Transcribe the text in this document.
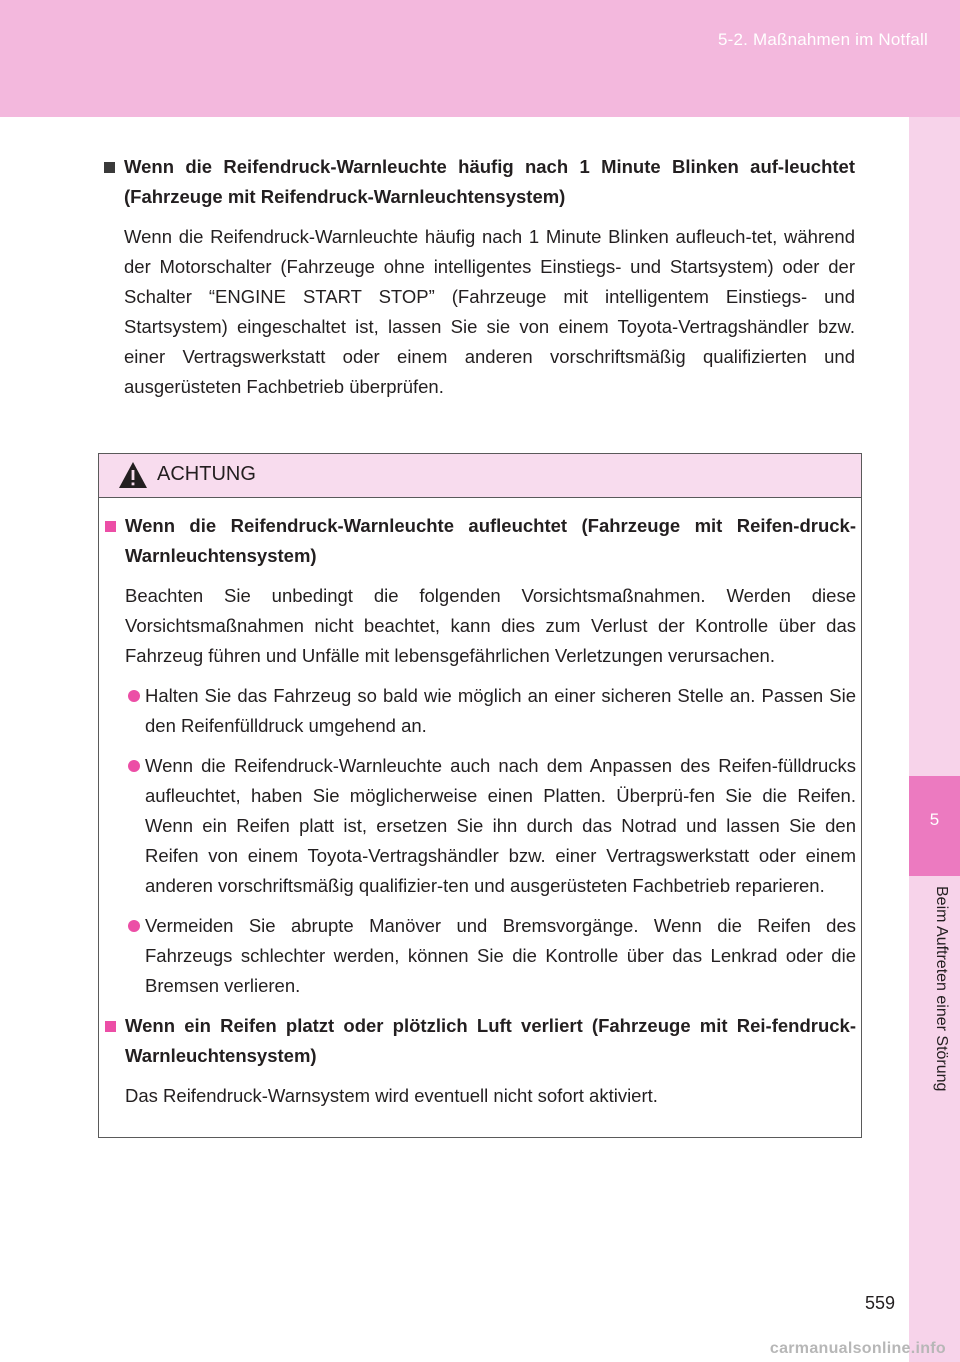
5-2. Maßnahmen im Notfall
5
Beim Auftreten einer Störung
Wenn die Reifendruck-Warnleuchte häufig nach 1 Minute Blinken auf-leuchtet (Fahrzeuge mit Reifendruck-Warnleuchtensystem)
Wenn die Reifendruck-Warnleuchte häufig nach 1 Minute Blinken aufleuch-tet, während der Motorschalter (Fahrzeuge ohne intelligentes Einstiegs- und Startsystem) oder der Schalter “ENGINE START STOP” (Fahrzeuge mit intelligentem Einstiegs- und Startsystem) eingeschaltet ist, lassen Sie sie von einem Toyota-Vertragshändler bzw. einer Vertragswerkstatt oder einem anderen vorschriftsmäßig qualifizierten und ausgerüsteten Fachbetrieb überprüfen.
ACHTUNG
Wenn die Reifendruck-Warnleuchte aufleuchtet (Fahrzeuge mit Reifen-druck-Warnleuchtensystem)
Beachten Sie unbedingt die folgenden Vorsichtsmaßnahmen. Werden diese Vorsichtsmaßnahmen nicht beachtet, kann dies zum Verlust der Kontrolle über das Fahrzeug führen und Unfälle mit lebensgefährlichen Verletzungen verursachen.
Halten Sie das Fahrzeug so bald wie möglich an einer sicheren Stelle an. Passen Sie den Reifenfülldruck umgehend an.
Wenn die Reifendruck-Warnleuchte auch nach dem Anpassen des Reifen-fülldrucks aufleuchtet, haben Sie möglicherweise einen Platten. Überprü-fen Sie die Reifen. Wenn ein Reifen platt ist, ersetzen Sie ihn durch das Notrad und lassen Sie den Reifen von einem Toyota-Vertragshändler bzw. einer Vertragswerkstatt oder einem anderen vorschriftsmäßig qualifizier-ten und ausgerüsteten Fachbetrieb reparieren.
Vermeiden Sie abrupte Manöver und Bremsvorgänge. Wenn die Reifen des Fahrzeugs schlechter werden, können Sie die Kontrolle über das Lenkrad oder die Bremsen verlieren.
Wenn ein Reifen platzt oder plötzlich Luft verliert (Fahrzeuge mit Rei-fendruck-Warnleuchtensystem)
Das Reifendruck-Warnsystem wird eventuell nicht sofort aktiviert.
559
carmanualsonline.info
